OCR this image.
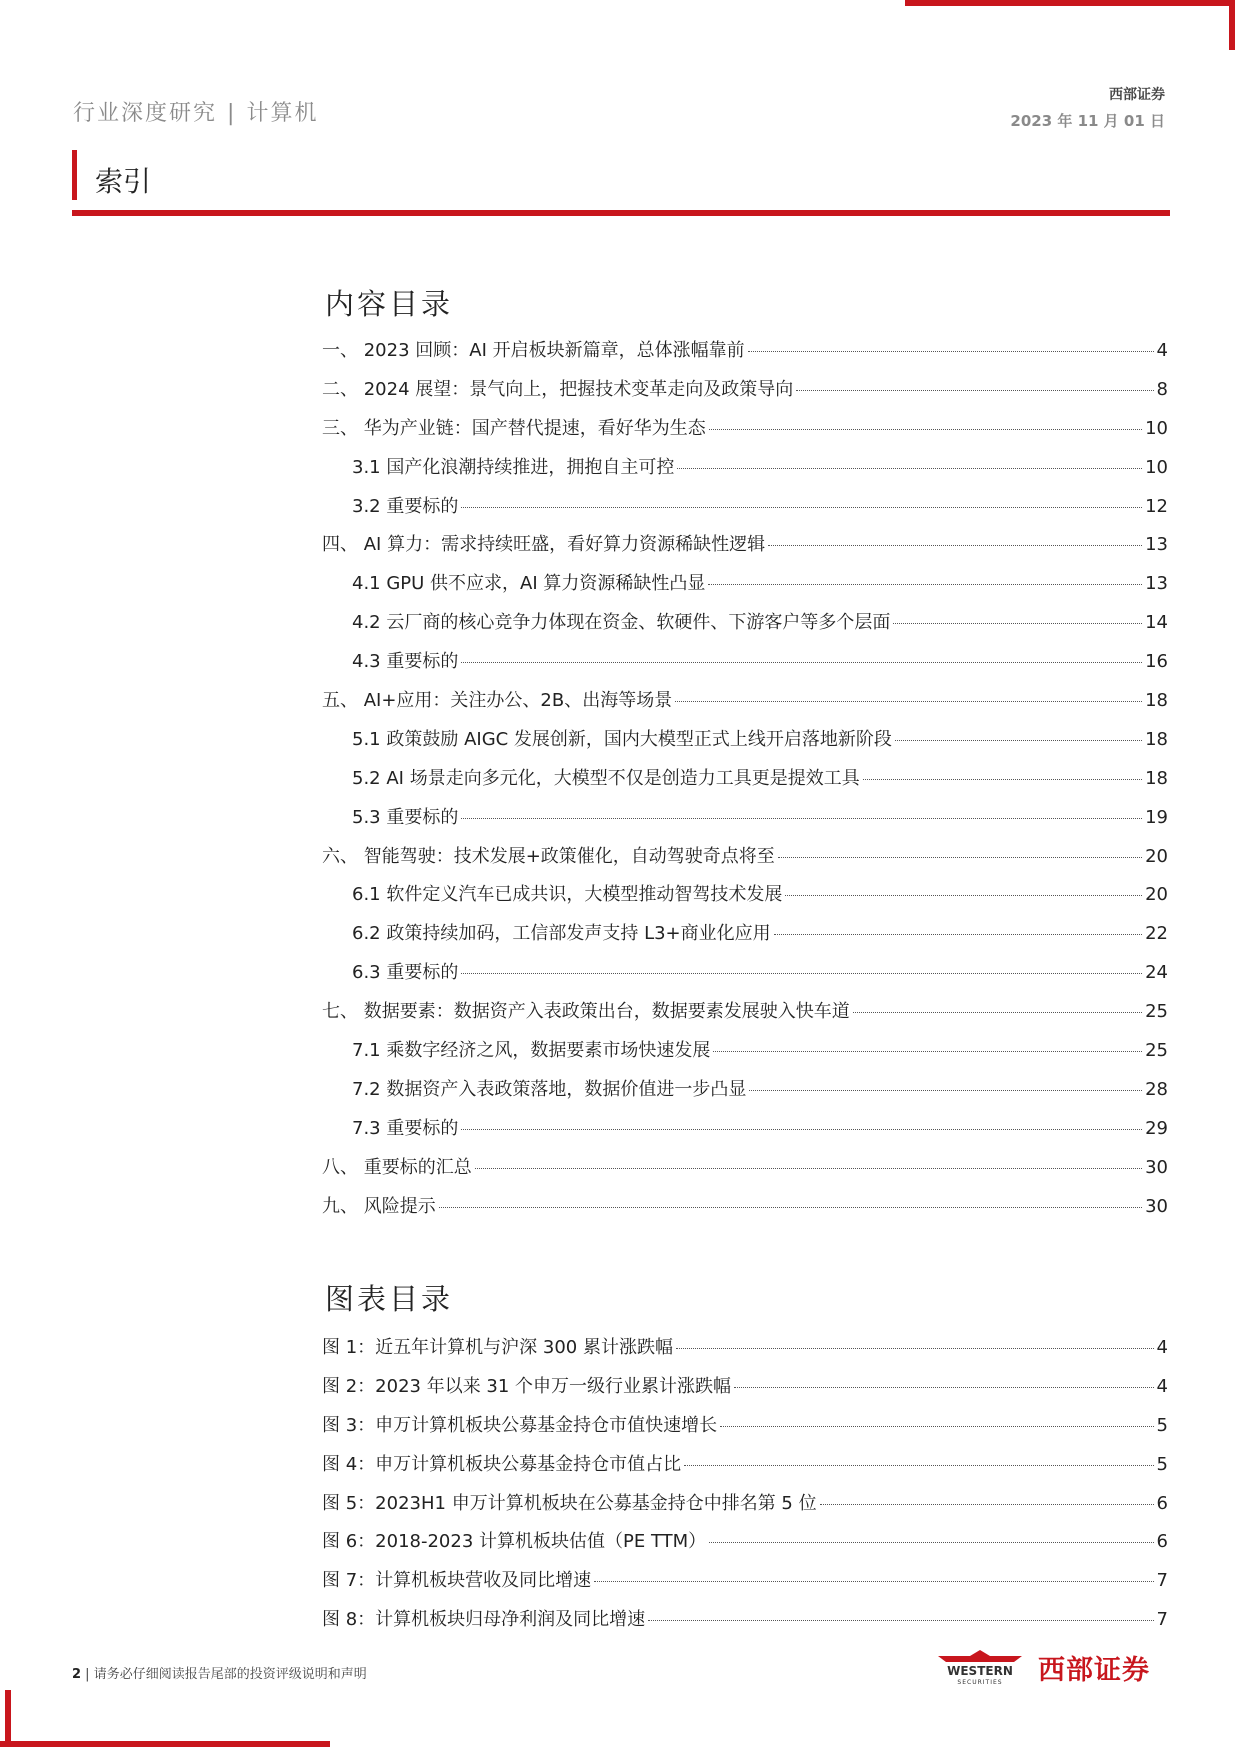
行业深度研究 | 计算机
西部证券
2023 年 11 月 01 日
索引
内容目录
一、 2023 回顾：AI 开启板块新篇章，总体涨幅靠前	4
二、 2024 展望：景气向上，把握技术变革走向及政策导向	8
三、 华为产业链：国产替代提速，看好华为生态	10
3.1 国产化浪潮持续推进，拥抱自主可控	10
3.2 重要标的	12
四、 AI 算力：需求持续旺盛，看好算力资源稀缺性逻辑	13
4.1 GPU 供不应求，AI 算力资源稀缺性凸显	13
4.2 云厂商的核心竞争力体现在资金、软硬件、下游客户等多个层面	14
4.3 重要标的	16
五、 AI+应用：关注办公、2B、出海等场景	18
5.1 政策鼓励 AIGC 发展创新，国内大模型正式上线开启落地新阶段	18
5.2 AI 场景走向多元化，大模型不仅是创造力工具更是提效工具	18
5.3 重要标的	19
六、 智能驾驶：技术发展+政策催化，自动驾驶奇点将至	20
6.1 软件定义汽车已成共识，大模型推动智驾技术发展	20
6.2 政策持续加码，工信部发声支持 L3+商业化应用	22
6.3 重要标的	24
七、 数据要素：数据资产入表政策出台，数据要素发展驶入快车道	25
7.1 乘数字经济之风，数据要素市场快速发展	25
7.2 数据资产入表政策落地，数据价值进一步凸显	28
7.3 重要标的	29
八、 重要标的汇总	30
九、 风险提示	30
图表目录
图 1：近五年计算机与沪深 300 累计涨跌幅	4
图 2：2023 年以来 31 个申万一级行业累计涨跌幅	4
图 3：申万计算机板块公募基金持仓市值快速增长	5
图 4：申万计算机板块公募基金持仓市值占比	5
图 5：2023H1 申万计算机板块在公募基金持仓中排名第 5 位	6
图 6：2018-2023 计算机板块估值（PE TTM）	6
图 7：计算机板块营收及同比增速	7
图 8：计算机板块归母净利润及同比增速	7
2 | 请务必仔细阅读报告尾部的投资评级说明和声明	WESTERN
SECURITIES 西部证券
